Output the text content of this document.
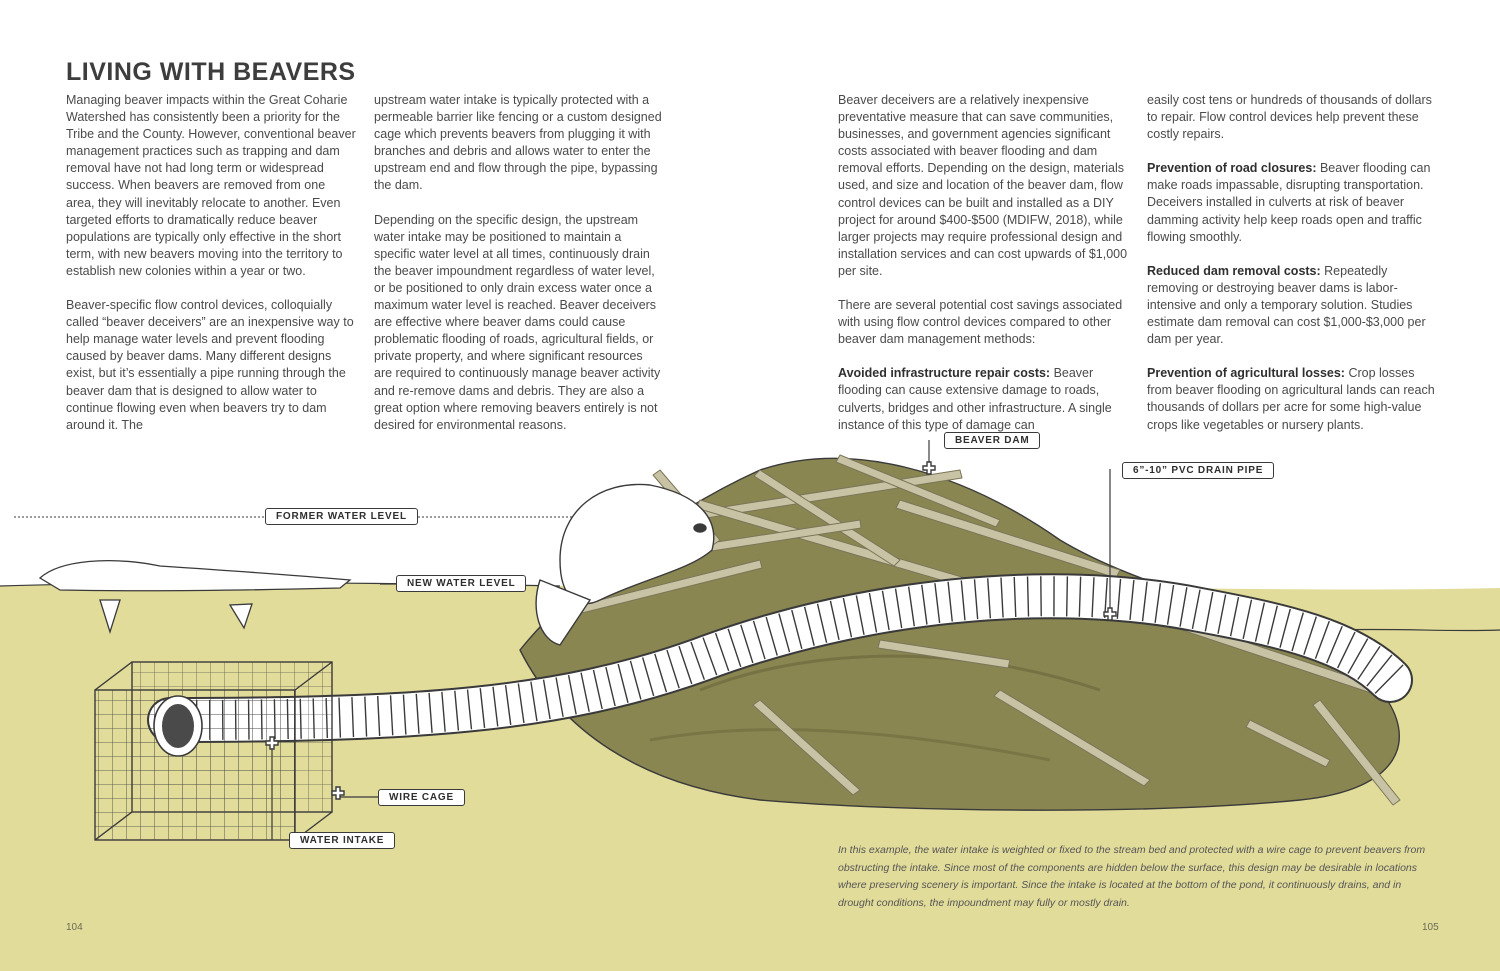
LIVING WITH BEAVERS

Managing beaver impacts within the Great Coharie Watershed has consistently been a priority for the Tribe and the County. However, conventional beaver management practices such as trapping and dam removal have not had long term or widespread success. When beavers are removed from one area, they will inevitably relocate to another. Even targeted efforts to dramatically reduce beaver populations are typically only effective in the short term, with new beavers moving into the territory to establish new colonies within a year or two.

Beaver-specific flow control devices, colloquially called “beaver deceivers” are an inexpensive way to help manage water levels and prevent flooding caused by beaver dams. Many different designs exist, but it’s essentially a pipe running through the beaver dam that is designed to allow water to continue flowing even when beavers try to dam around it. The

upstream water intake is typically protected with a permeable barrier like fencing or a custom designed cage which prevents beavers from plugging it with branches and debris and allows water to enter the upstream end and flow through the pipe, bypassing the dam.

Depending on the specific design, the upstream water intake may be positioned to maintain a specific water level at all times, continuously drain the beaver impoundment regardless of water level, or be positioned to only drain excess water once a maximum water level is reached. Beaver deceivers are effective where beaver dams could cause problematic flooding of roads, agricultural fields, or private property, and where significant resources are required to continuously manage beaver activity and re-remove dams and debris. They are also a great option where removing beavers entirely is not desired for environmental reasons.

Beaver deceivers are a relatively inexpensive preventative measure that can save communities, businesses, and government agencies significant costs associated with beaver flooding and dam removal efforts. Depending on the design, materials used, and size and location of the beaver dam, flow control devices can be built and installed as a DIY project for around $400-$500 (MDIFW, 2018), while larger projects may require professional design and installation services and can cost upwards of $1,000 per site.

There are several potential cost savings associated with using flow control devices compared to other beaver dam management methods:

Avoided infrastructure repair costs: Beaver flooding can cause extensive damage to roads, culverts, bridges and other infrastructure. A single instance of this type of damage can

easily cost tens or hundreds of thousands of dollars to repair. Flow control devices help prevent these costly repairs.

Prevention of road closures: Beaver flooding can make roads impassable, disrupting transportation. Deceivers installed in culverts at risk of beaver damming activity help keep roads open and traffic flowing smoothly.

Reduced dam removal costs: Repeatedly removing or destroying beaver dams is labor-intensive and only a temporary solution. Studies estimate dam removal can cost $1,000-$3,000 per dam per year.

Prevention of agricultural losses: Crop losses from beaver flooding on agricultural lands can reach thousands of dollars per acre for some high-value crops like vegetables or nursery plants.

BEAVER DAM
6”-10” PVC DRAIN PIPE
FORMER WATER LEVEL
NEW WATER LEVEL
WIRE CAGE
WATER INTAKE

In this example, the water intake is weighted or fixed to the stream bed and protected with a wire cage to prevent beavers from obstructing the intake. Since most of the components are hidden below the surface, this design may be desirable in locations where preserving scenery is important. Since the intake is located at the bottom of the pond, it continuously drains, and in drought conditions, the impoundment may fully or mostly drain.

104	105
